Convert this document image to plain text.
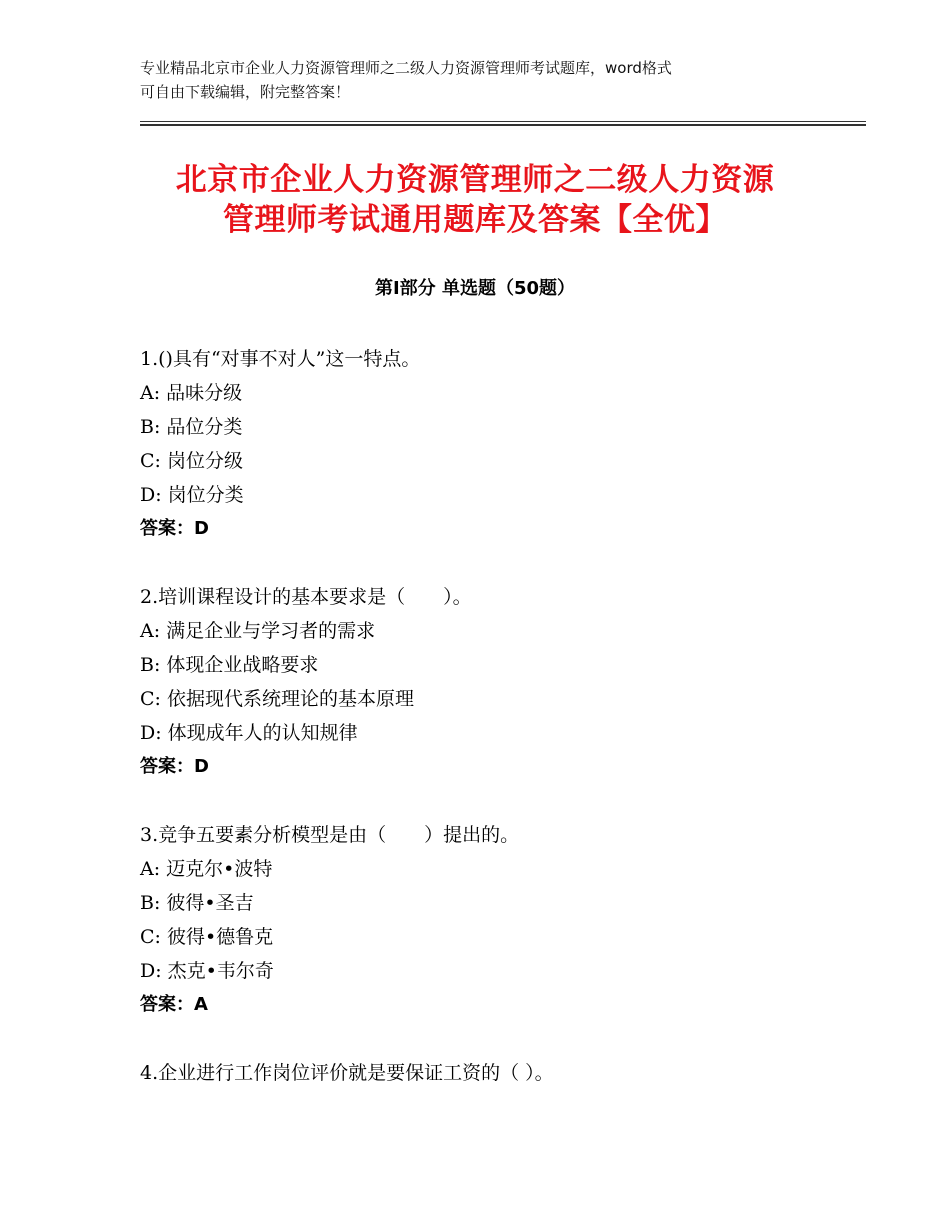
专业精品北京市企业人力资源管理师之二级人力资源管理师考试题库，word格式
可自由下载编辑，附完整答案！
北京市企业人力资源管理师之二级人力资源
管理师考试通用题库及答案【全优】
第Ⅰ部分 单选题（50题）
1.()具有“对事不对人”这一特点。
A: 品味分级
B: 品位分类
C: 岗位分级
D: 岗位分类
答案：D
2.培训课程设计的基本要求是（　　）。
A: 满足企业与学习者的需求
B: 体现企业战略要求
C: 依据现代系统理论的基本原理
D: 体现成年人的认知规律
答案：D
3.竞争五要素分析模型是由（　　）提出的。
A: 迈克尔•波特
B: 彼得•圣吉
C: 彼得•德鲁克
D: 杰克•韦尔奇
答案：A
4.企业进行工作岗位评价就是要保证工资的（ ）。
